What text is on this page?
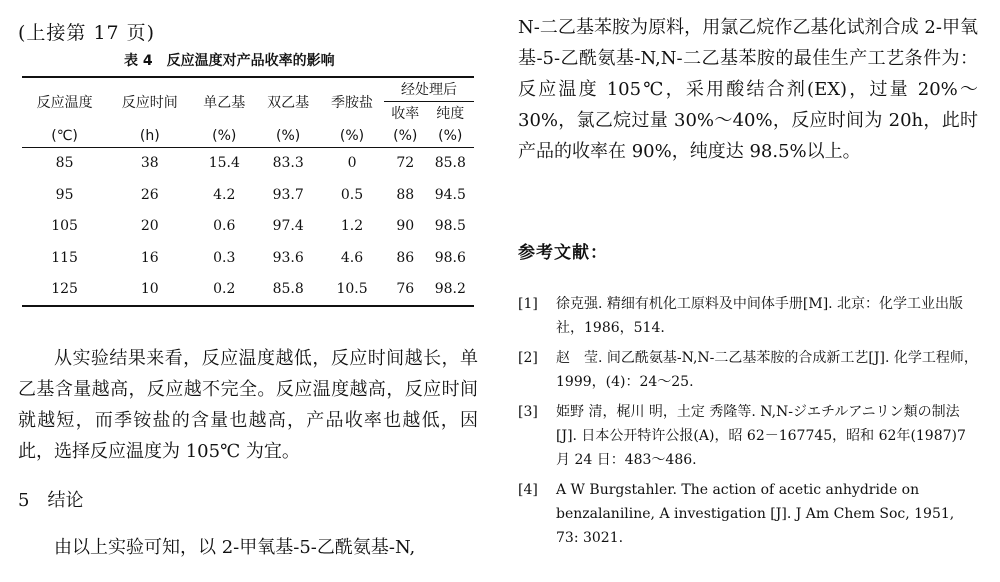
(上接第 17 页)
表 4　反应温度对产品收率的影响
反应温度	反应时间	单乙基	双乙基	季胺盐	经处理后	
					收率	纯度
(℃)	(h)	(%)	(%)	(%)	(%)	(%)
85	38	15.4	83.3	0	72	85.8
95	26	4.2	93.7	0.5	88	94.5
105	20	0.6	97.4	1.2	90	98.5
115	16	0.3	93.6	4.6	86	98.6
125	10	0.2	85.8	10.5	76	98.2
从实验结果来看，反应温度越低，反应时间越长，单乙基含量越高，反应越不完全。反应温度越高，反应时间就越短，而季铵盐的含量也越高，产品收率也越低，因此，选择反应温度为 105℃ 为宜。
5 结论
由以上实验可知，以 2-甲氧基-5-乙酰氨基-N,
N-二乙基苯胺为原料，用氯乙烷作乙基化试剂合成 2-甲氧基-5-乙酰氨基-N,N-二乙基苯胺的最佳生产工艺条件为：反应温度 105℃，采用酸结合剂(EX)，过量 20%～30%，氯乙烷过量 30%～40%，反应时间为 20h，此时产品的收率在 90%，纯度达 98.5%以上。
参考文献：
[1]	徐克强. 精细有机化工原料及中间体手册[M]. 北京：化学工业出版社，1986，514.
[2]	赵　莹. 间乙酰氨基-N,N-二乙基苯胺的合成新工艺[J]. 化学工程师，1999，(4)：24～25.
[3]	姫野 清，梶川 明，土定 秀隆等. N,N-ジエチルアニリン類の制法[J]. 日本公开特许公报(A)，昭 62－167745，昭和 62年(1987)7月 24 日：483～486.
[4]	A W Burgstahler. The action of acetic anhydride on benzalaniline, A investigation [J]. J Am Chem Soc, 1951, 73: 3021.
